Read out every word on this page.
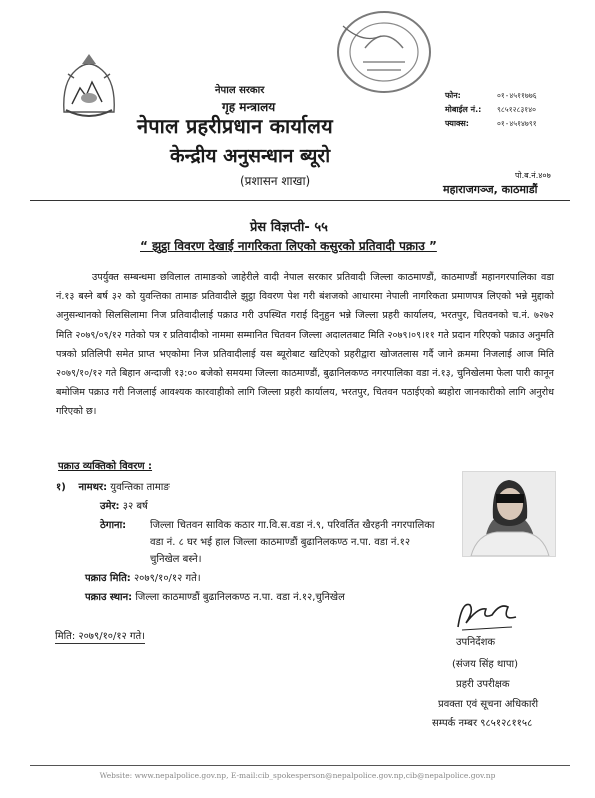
नेपाल सरकार
गृह मन्त्रालय
नेपाल प्रहरीप्रधान कार्यालय
केन्द्रीय अनुसन्धान ब्यूरो
(प्रशासन शाखा)
फोन:	०१-४५११७७६
मोबाईल नं.:	९८५१२८३१४०
फ्याक्स:	०१-४५१४७९१
पो.ब.नं.४०७
महाराजगञ्ज, काठमाडौं
प्रेस विज्ञप्ती- ५५
“ झुट्ठा विवरण देखाई नागरिकता लिएको कसुरको प्रतिवादी पक्राउ ”
उपर्युक्त सम्बन्धमा छविलाल तामाङको जाहेरीले वादी नेपाल सरकार प्रतिवादी जिल्ला काठमाण्डौं, काठमाण्डौं महानगरपालिका वडा नं.१३ बस्ने बर्ष ३२ को युवन्तिका तामाङ प्रतिवादीले झुट्ठा विवरण पेश गरी बंशजको आधारमा नेपाली नागरिकता प्रमाणपत्र लिएको भन्ने मुद्दाको अनुसन्धानको सिलसिलामा निज प्रतिवादीलाई पक्राउ गरी उपस्थित गराई दिनुहुन भन्ने जिल्ला प्रहरी कार्यालय, भरतपुर, चितवनको च.नं. ७२७२ मिति २०७९/०९/१२ गतेको पत्र र प्रतिवादीको नाममा सम्मानित चितवन जिल्ला अदालतबाट मिति २०७९।०९।११ गते प्रदान गरिएको पक्राउ अनुमति पत्रको प्रतिलिपी समेत प्राप्त भएकोमा निज प्रतिवादीलाई यस ब्यूरोबाट खटिएको प्रहरीद्वारा खोजतलास गर्दै जाने क्रममा निजलाई आज मिति २०७९/१०/१२ गते बिहान अन्दाजी १३:०० बजेको समयमा जिल्ला काठमाण्डौं, बुढानिलकण्ठ नगरपालिका वडा नं.१३, चुनिखेलमा फेला पारी कानून बमोजिम पक्राउ गरी निजलाई आवश्यक कारवाहीको लागि जिल्ला प्रहरी कार्यालय, भरतपुर, चितवन पठाईएको ब्यहोरा जानकारीको लागि अनुरोध गरिएको छ।
पक्राउ व्यक्तिको विवरण :
१) नामथर: युवन्तिका तामाङ
उमेर: ३२ बर्ष
ठेगाना: जिल्ला चितवन साविक कठार गा.वि.स.वडा नं.९, परिवर्तित खैरहनी नगरपालिका वडा नं. ८ घर भई हाल जिल्ला काठमाण्डौं बुढानिलकण्ठ न.पा. वडा नं.१२ चुनिखेल बस्ने।
पक्राउ मिति: २०७९/१०/१२ गते।
पक्राउ स्थान: जिल्ला काठमाण्डौं बुढानिलकण्ठ न.पा. वडा नं.१२,चुनिखेल
मिति: २०७९/१०/१२ गते।
उपनिर्देशक
(संजय सिंह थापा)
प्रहरी उपरीक्षक
प्रवक्ता एवं सूचना अधिकारी
सम्पर्क नम्बर ९८५१२८११५८
Website: www.nepalpolice.gov.np, E-mail:cib_spokesperson@nepalpolice.gov.np,cib@nepalpolice.gov.np
